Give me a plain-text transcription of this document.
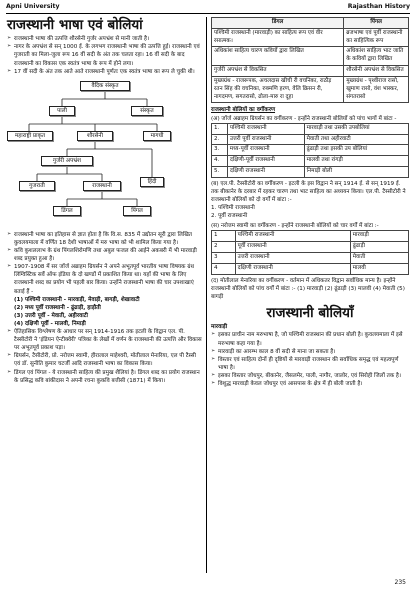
Apni University	Rajasthan History
राजस्थानी भाषा एवं बोलियां
➢ राजस्थानी भाषा की उत्पत्ति शौरसेनी गुर्जर अपभ्रंश से मानी जाती है।
➢ नागर के अपभ्रंश से सन् 1000 ई. के लगभग राजस्थानी भाषा की उत्पत्ति हुई। राजस्थानी एवं गुजराती का मिला-जुला रूप 16 वीं सदी के अंत तक चलता रहा। 16 वीं सदी के बाद राजस्थानी का विकास एक स्वतंत्र भाषा के रूप में होने लगा।
➢ 17 वीं सदी के अंत तक आते आते राजस्थानी पूर्णतः एक स्वतंत्र भाषा का रूप ले चुकी थी।
वैदिक संस्कृत
पाली	संस्कृत
महाराष्ट्री प्राकृत	शौरसेनी	मागधी
गुर्जरी अपभ्रंश
गुजराती	राजस्थानी
हिंदी
डिंगल	पिंगल
➢ राजस्थानी भाषा का इतिहास से ज्ञात होता है कि वि.स. 835 में उद्योतन सूरी द्वारा लिखित कुवलयमाला में वर्णित 18 देशी भाषाओं में मरु भाषा को भी शामिल किया गया है।
➢ कवि कुशललाभ के ग्रंथ पिंगलशिरोमणि तथा अबुल फजल की आईने अकबरी में भी मारवाड़ी शब्द प्रयुक्त हुआ है।
➢ 1907-1908 में सर जॉर्ज अब्राहम ग्रियर्सन ने अपने अभूतपूर्व भारतीय भाषा विषयक ग्रंथ लिंग्विस्टिक सर्वे ऑफ इंडिया के दो खण्डों में प्रकाशित किया था। यहाँ की भाषा के लिए राजस्थानी शब्द का प्रयोग भी पहली बार किया। उन्होंने राजस्थानी भाषा की चार उपशाखाएं बताई हैं -
(1) पश्चिमी राजस्थानी - मारवाड़ी, मेवाड़ी, बागड़ी, शेखावाटी
(2) मध्य पूर्वी राजस्थानी - ढूंढाड़ी, हाड़ौती
(3) उत्तरी पूर्वी - मेवाती, अहीरवाटी
(4) दक्षिणी पूर्वी - मालवी, निमाड़ी
➢ ऐतिहासिक विश्लेषण के आधार पर सन् 1914-1916 तक इटली के विद्वान एल. पी. टैस्सीटोरी ने 'इंडियन ऐन्टीक्वेरी' पत्रिका के लेखों में वर्णन के राजस्थानी की उत्पत्ति और विकास पर अभूतपूर्व प्रकाश पड़ा।
➢ ग्रियर्सन, टैसीटोरी, प्रो. नरोत्तम स्वामी, हीरालाल माहेश्वरी, मोतीलाल मेनारिया, एल पी टैस्सी एवं डॉ. सुनीति कुमार चटर्जी आदि राजस्थानी भाषा का विकास किया।
➢ डिंगल एवं पिंगल - ये राजस्थानी साहित्य की प्रमुख शैलियां है। डिंगल शब्द का प्रयोग राजस्थान के प्रसिद्ध कवि बांकीदास ने अपनी रचना कुकवि बत्तीसी (1871) में किया।
डिंगल	पिंगल
पश्चिमी राजस्थानी (मारवाड़ी) का साहित्य रूप एवं वीर रसात्मक।	ब्रजभाषा एवं पूर्वी राजस्थानी का साहित्यिक रूप
अधिकांश साहित्य चारण कवियों द्वारा लिखित	अधिकांश साहित्य भाट जाति के कवियों द्वारा लिखित
गुर्जरी अपभ्रंश से विकसित	शौरसेनी अपभ्रंश से विकसित
मुख्यग्रंथ - राजरूपक, अचलदास खीची री वचनिका, राठौड़ रतन सिंह की वचनिका, रुक्मणि हरण, वेलि क्रिसन री, नागदमण, सगतरासो, ढोला-मारु रा दूहा	मुख्यग्रंथ - पृथ्वीराज रासो, खुमाण रासो, वंश भास्कर, संगतरासो
राजस्थानी बोलियों का वर्गीकरण
(अ) जॉर्ज अब्राहम ग्रियर्सन का वर्गीकरण - इन्होंने राजस्थानी बोलियों को पांच भागों में बांटा -
1.	पश्चिमी राजस्थानी	मारवाड़ी तथा उसकी उपबोलियां
2.	उत्तरी पूर्वी राजस्थानी	मेवाती तथा अहीरवाटी
3.	मध्य-पूर्वी राजस्थानी	ढूंढाड़ी तथा इसकी उप बोलियां
4.	दक्षिणी-पूर्वी राजस्थानी	मालवी तथा रांगड़ी
5.	दक्षिणी राजस्थानी	निमाड़ी बोली
(ब) एल.पी. टैस्सीटोरी का वर्गीकरण - इटली के इस विद्वान ने सन् 1914 ई. से सन् 1919 ई. तक बीकानेर के दरबार में रहकर चारण तथा भाट साहित्य का अध्ययन किया। एल.पी. टैस्सीटोरी ने राजस्थानी बोलियों को दो वर्गों में बांटा :-
1. पश्चिमी राजस्थानी
2. पूर्वी राजस्थानी
(स) नरोत्तम स्वामी का वर्गीकरण - इन्होंने राजस्थानी बोलियों को चार वर्गों में बांटा :-
1	पश्चिमी राजस्थानी	मारवाड़ी
2	पूर्वी राजस्थानी	ढूंढाड़ी
3	उत्तरी राजस्थानी	मेवाती
4	दक्षिणी राजस्थानी	मालवी
(द) मोतीलाल मेनारिया का वर्गीकरण - वर्तमान में अधिकतर विद्वान सर्वाधिक मान्य है। इन्होंने राजस्थानी बोलियों को पांच वर्गों में बांटा :- (1) मारवाड़ी (2) ढूंढाड़ी (3) मालवी (4) मेवाती (5) बागड़ी
राजस्थानी बोलियाँ
मारवाड़ी
➢ इसका प्राचीन नाम मरुभाषा है, जो पश्चिमी राजस्थान की प्रधान बोली है। कुवलयमाला में इसे मरुभाषा कहा गया है।
➢ मारवाड़ी का आरम्भ काल 8 वीं सदी से माना जा सकता है।
➢ विस्तार एवं साहित्य दोनों ही दृष्टियों से मारवाड़ी राजस्थान की सर्वाधिक समृद्ध एवं महत्वपूर्ण भाषा है।
➢ इसका विस्तार जोधपुर, बीकानेर, जैसलमेर, पाली, नागौर, जालोर, एवं सिरोही जिलों तक है।
➢ विशुद्ध मारवाड़ी केवल जोधपुर एवं आसपास के क्षेत्र में ही बोली जाती है।
235
